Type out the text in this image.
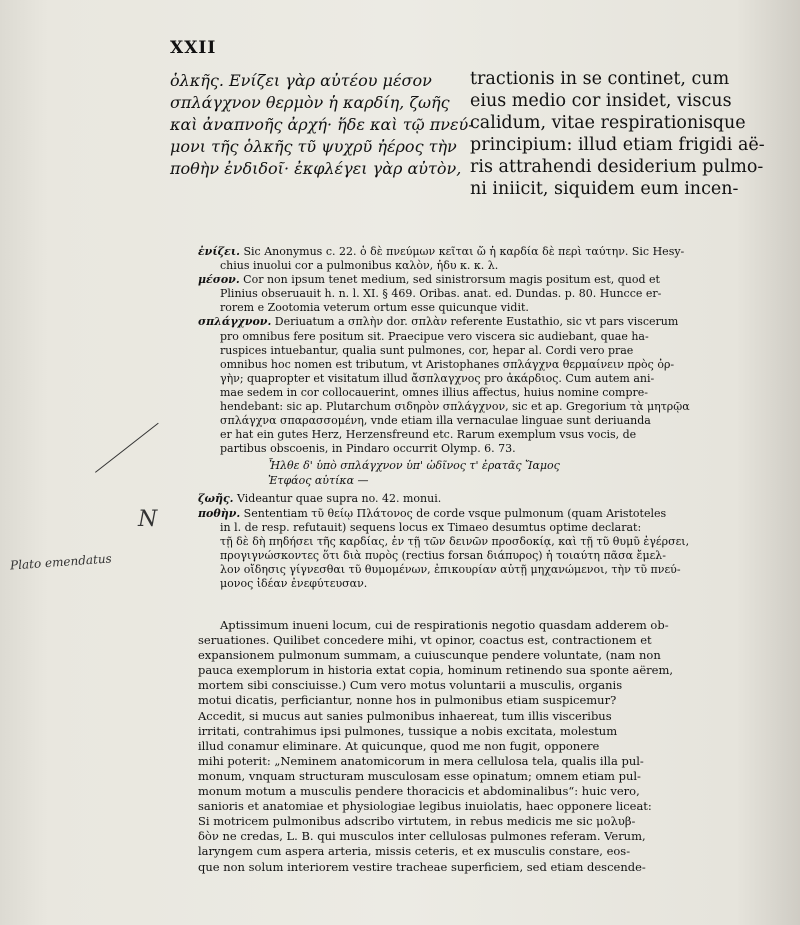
XXII
ὁλκῆς. Ενίζει γὰρ αὐτέου μέσον
σπλάγχνον θερμὸν ἡ καρδίη, ζωῆς
καὶ ἀναπνοῆς ἀρχή· ἥδε καὶ τῷ πνεύ-
μονι τῆς ὁλκῆς τῦ ψυχρῦ ἠέρος τὴν
ποθὴν ἐνδιδοῖ· ἐκφλέγει γὰρ αὐτὸν,
tractionis in se continet, cum
eius medio cor insidet, viscus
calidum, vitae respirationisque
principium: illud etiam frigidi aë-
ris attrahendi desiderium pulmo-
ni iniicit, siquidem eum incen-
ἐνίζει. Sic Anonymus c. 22. ὁ δὲ πνεύμων κεῖται ὥ ἡ καρδία δὲ περὶ ταύτην. Sic Hesy-
chius inuolui cor a pulmonibus καλὸν, ἡδυ κ. κ. λ.
μέσον. Cor non ipsum tenet medium, sed sinistrorsum magis positum est, quod et
Plinius obseruauit h. n. l. XI. § 469. Oribas. anat. ed. Dundas. p. 80. Hunccе er-
rorem e Zootomia veterum ortum esse quicunque vidit.
σπλάγχνον. Deriuatum a σπλὴν dor. σπλὰν referente Eustathio, sic vt pars viscerum
pro omnibus fere positum sit. Praecipue vero viscera sic audiebant, quae ha-
ruspices intuebantur, qualia sunt pulmones, cor, hepar al. Cordi vero prae
omnibus hoc nomen est tributum, vt Aristophanes σπλάγχνα θερμαίνειν πρὸς ὀρ-
γὴν; quapropter et visitatum illud ἄσπλαγχνος pro ἀκάρδιος. Cum autem ani-
mae sedem in cor collocauerint, omnes illius affectus, huius nomine compre-
hendebant: sic ap. Plutarchum σιδηρὸν σπλάγχνον, sic et ap. Gregorium τὰ μητρῷα
σπλάγχνα σπαρασσομένη, vnde etiam illa vernaculae linguae sunt deriuanda
er hat ein gutes Herz, Herzensfreund etc. Rarum exemplum vsus vocis, de
partibus obscoenis, in Pindaro occurrit Olymp. 6. 73.
Ἦλθε δ' ὑπὸ σπλάγχνον ὑπ' ὠδῖνος τ' ἐρατᾶς Ἴαμος
Ἐτφάος αὐτίκα —
ζωῆς. Videantur quae supra no. 42. monui.
ποθὴν. Sententiam τῦ θείῳ Πλάτονος de corde vsque pulmonum (quam Aristoteles
in l. de resp. refutauit) sequens locus ex Timaeo desumtus optime declarat:
τῇ δὲ δὴ πηδήσει τῆς καρδίας, ἐν τῇ τῶν δεινῶν προσδοκίᾳ, καὶ τῇ τῦ θυμῦ ἐγέρσει,
προγιγνώσκοντες ὅτι διὰ πυρὸς (rectius forsan διάπυρος) ἡ τοιαύτη πᾶσα ἔμελ-
λον οἴδησις γίγνεσθαι τῦ θυμομένων, ἐπικουρίαν αὐτῇ μηχανώμενοι, τὴν τῦ πνεύ-
μονος ἰδέαν ἐνεφύτευσαν.
Aptissimum inueni locum, cui de respirationis negotio quasdam adderem ob-
seruationes. Quilibet concedere mihi, vt opinor, coactus est, contractionem et
expansionem pulmonum summam, a cuiuscunque pendere voluntate, (nam non
pauca exemplorum in historia extat copia, hominum retinendo sua sponte aërem,
mortem sibi consciuisse.) Cum vero motus voluntarii a musculis, organis
motui dicatis, perficiantur, nonne hos in pulmonibus etiam suspicemur?
Accedit, si mucus aut sanies pulmonibus inhaereat, tum illis visceribus
irritati, contrahimus ipsi pulmones, tussique a nobis excitata, molestum
illud conamur eliminare. At quicunque, quod me non fugit, opponere
mihi poterit: „Neminem anatomicorum in mera cellulosa tela, qualis illa pul-
monum, vnquam structuram musculosam esse opinatum; omnem etiam pul-
monum motum a musculis pendere thoracicis et abdominalibus“: huic vero,
sanioris et anatomiae et physiologiae legibus inuiolatis, haec opponere liceat:
Si motricem pulmonibus adscribo virtutem, in rebus medicis me sic μολυβ-
δὸν ne credas, L. B. qui musculos inter cellulosas pulmones referam. Verum,
laryngem cum aspera arteria, missis ceteris, et ex musculis constare, eos-
que non solum interiorem vestire tracheae superficiem, sed etiam descende-
N
Plato emendatus
